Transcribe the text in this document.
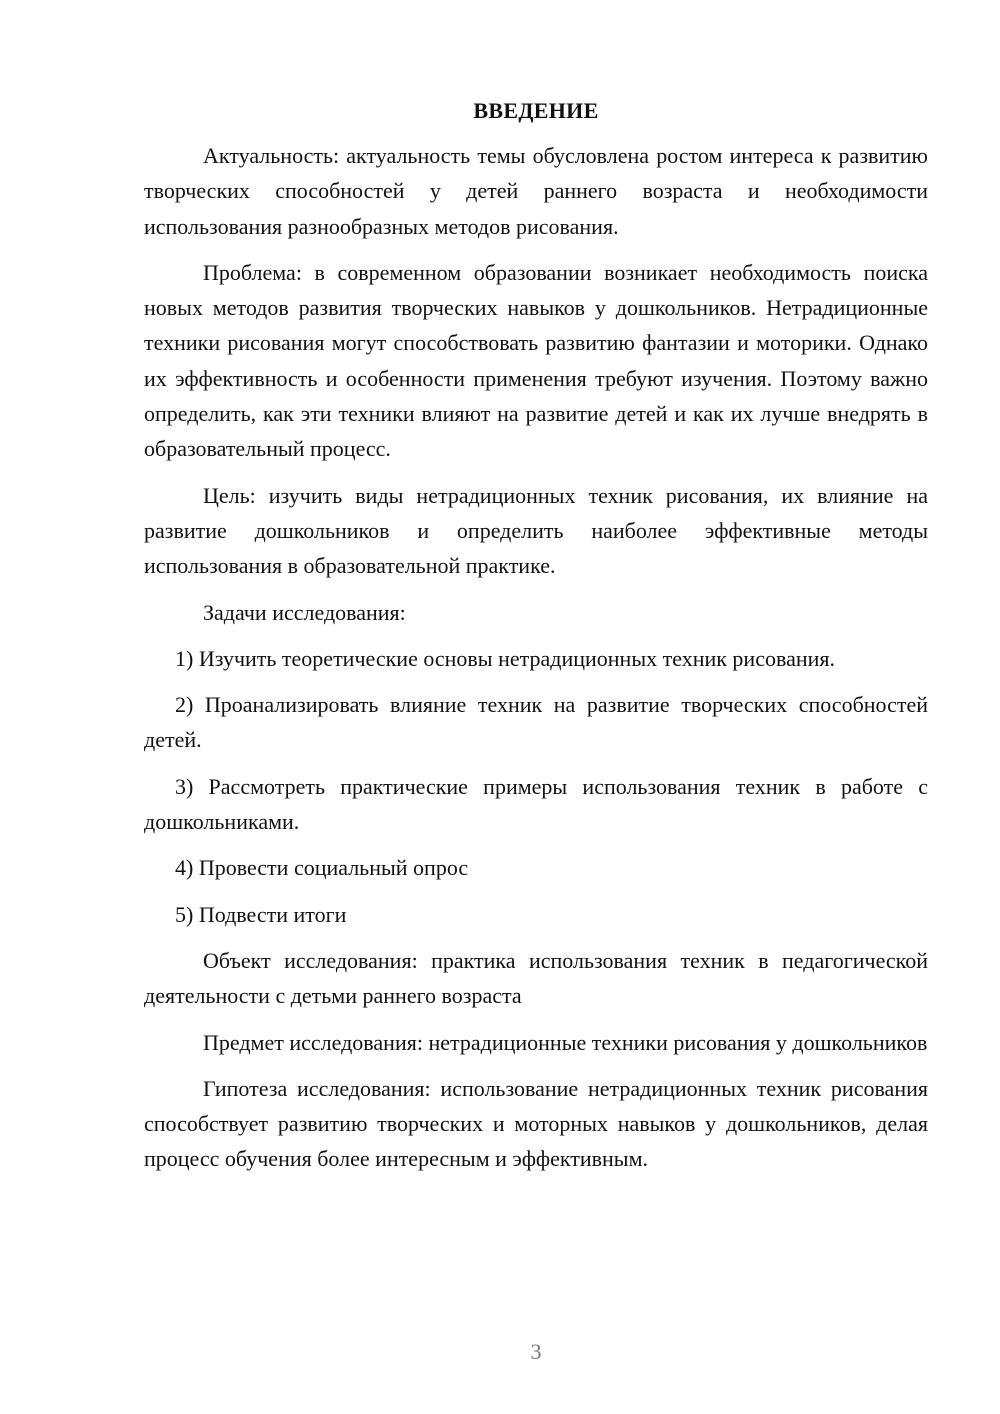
ВВЕДЕНИЕ

Актуальность: актуальность темы обусловлена ростом интереса к развитию творческих способностей у детей раннего возраста и необходимости использования разнообразных методов рисования.

Проблема: в современном образовании возникает необходимость поиска новых методов развития творческих навыков у дошкольников. Нетрадиционные техники рисования могут способствовать развитию фантазии и моторики. Однако их эффективность и особенности применения требуют изучения. Поэтому важно определить, как эти техники влияют на развитие детей и как их лучше внедрять в образовательный процесс.

Цель: изучить виды нетрадиционных техник рисования, их влияние на развитие дошкольников и определить наиболее эффективные методы использования в образовательной практике.

Задачи исследования:

1) Изучить теоретические основы нетрадиционных техник рисования.

2) Проанализировать влияние техник на развитие творческих способностей детей.

3) Рассмотреть практические примеры использования техник в работе с дошкольниками.

4) Провести социальный опрос

5) Подвести итоги

Объект исследования: практика использования техник в педагогической деятельности с детьми раннего возраста

Предмет исследования: нетрадиционные техники рисования у дошкольников

Гипотеза исследования: использование нетрадиционных техник рисования способствует развитию творческих и моторных навыков у дошкольников, делая процесс обучения более интересным и эффективным.

3
